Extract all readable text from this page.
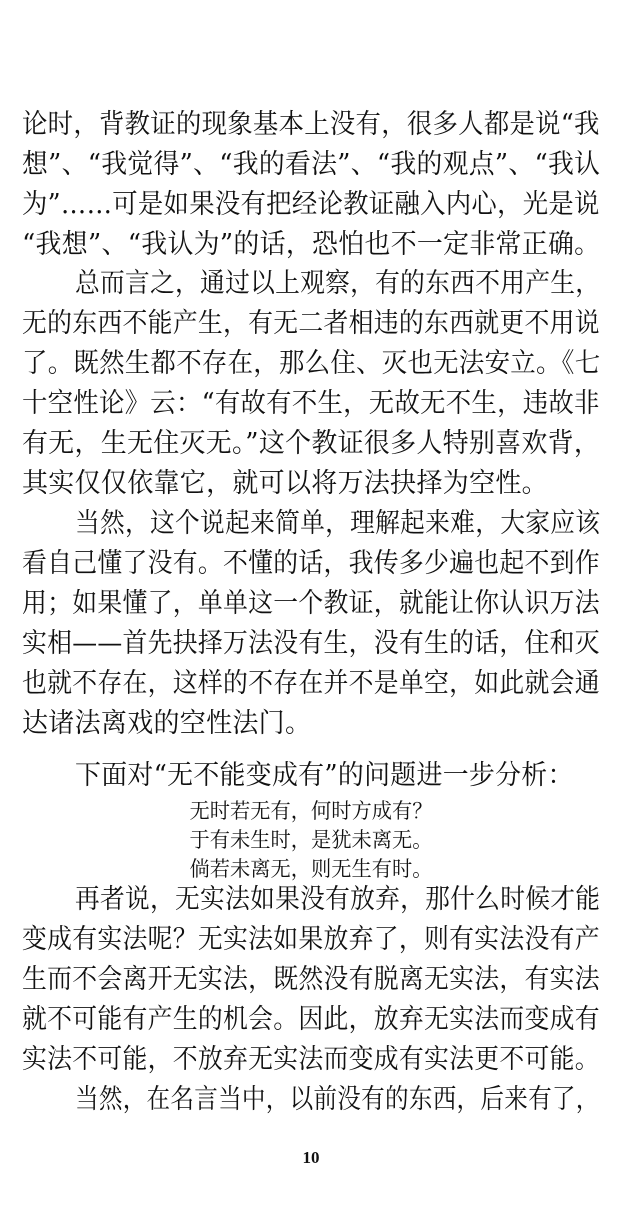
论时，背教证的现象基本上没有，很多人都是说“我
想”、“我觉得”、“我的看法”、“我的观点”、“我认
为”……可是如果没有把经论教证融入内心，光是说
“我想”、“我认为”的话，恐怕也不一定非常正确。
总而言之，通过以上观察，有的东西不用产生，
无的东西不能产生，有无二者相违的东西就更不用说
了。既然生都不存在，那么住、灭也无法安立。《七
十空性论》云：“有故有不生，无故无不生，违故非
有无，生无住灭无。”这个教证很多人特别喜欢背，
其实仅仅依靠它，就可以将万法抉择为空性。
当然，这个说起来简单，理解起来难，大家应该
看自己懂了没有。不懂的话，我传多少遍也起不到作
用；如果懂了，单单这一个教证，就能让你认识万法
实相——首先抉择万法没有生，没有生的话，住和灭
也就不存在，这样的不存在并不是单空，如此就会通
达诸法离戏的空性法门。
下面对“无不能变成有”的问题进一步分析：
无时若无有，何时方成有？
于有未生时，是犹未离无。
倘若未离无，则无生有时。
再者说，无实法如果没有放弃，那什么时候才能
变成有实法呢？无实法如果放弃了，则有实法没有产
生而不会离开无实法，既然没有脱离无实法，有实法
就不可能有产生的机会。因此，放弃无实法而变成有
实法不可能，不放弃无实法而变成有实法更不可能。
当然，在名言当中，以前没有的东西，后来有了，
10
